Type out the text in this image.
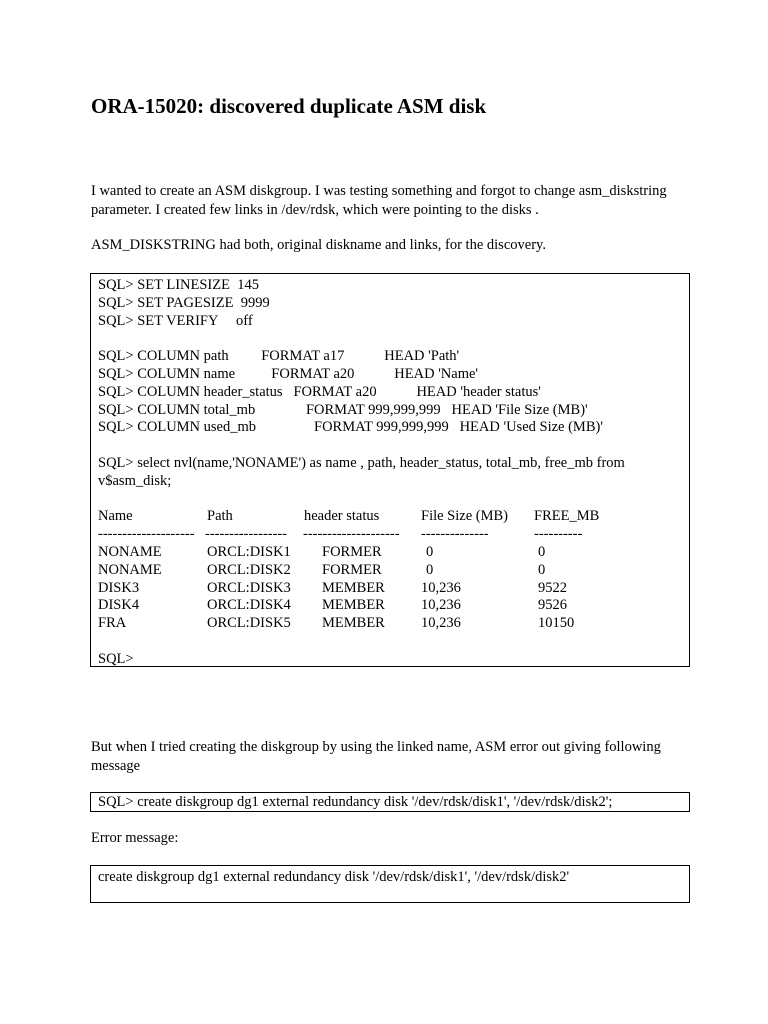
ORA-15020: discovered duplicate ASM disk

I wanted to create an ASM diskgroup. I was testing something and forgot to change asm_diskstring parameter. I created few links in /dev/rdsk, which were pointing to the disks .

ASM_DISKSTRING had both, original diskname and links, for the discovery.

SQL> SET LINESIZE  145
SQL> SET PAGESIZE  9999
SQL> SET VERIFY     off
SQL> COLUMN path         FORMAT a17           HEAD 'Path'
SQL> COLUMN name          FORMAT a20           HEAD 'Name'
SQL> COLUMN header_status   FORMAT a20           HEAD 'header status'
SQL> COLUMN total_mb              FORMAT 999,999,999   HEAD 'File Size (MB)'
SQL> COLUMN used_mb                FORMAT 999,999,999   HEAD 'Used Size (MB)'
SQL> select nvl(name,'NONAME') as name , path, header_status, total_mb, free_mb from v$asm_disk;
Name	Path	header status	File Size (MB)	FREE_MB
-------------------- -----------------	--------------------	--------------	----------
NONAME	ORCL:DISK1	FORMER	0	0
NONAME	ORCL:DISK2	FORMER	0	0
DISK3	ORCL:DISK3	MEMBER	10,236	9522
DISK4	ORCL:DISK4	MEMBER	10,236	9526
FRA	ORCL:DISK5	MEMBER	10,236	10150
SQL>

But when I tried creating the diskgroup by using the linked name, ASM error out giving following message

SQL> create diskgroup dg1 external redundancy disk '/dev/rdsk/disk1', '/dev/rdsk/disk2';

Error message:

create diskgroup dg1 external redundancy disk '/dev/rdsk/disk1', '/dev/rdsk/disk2'
